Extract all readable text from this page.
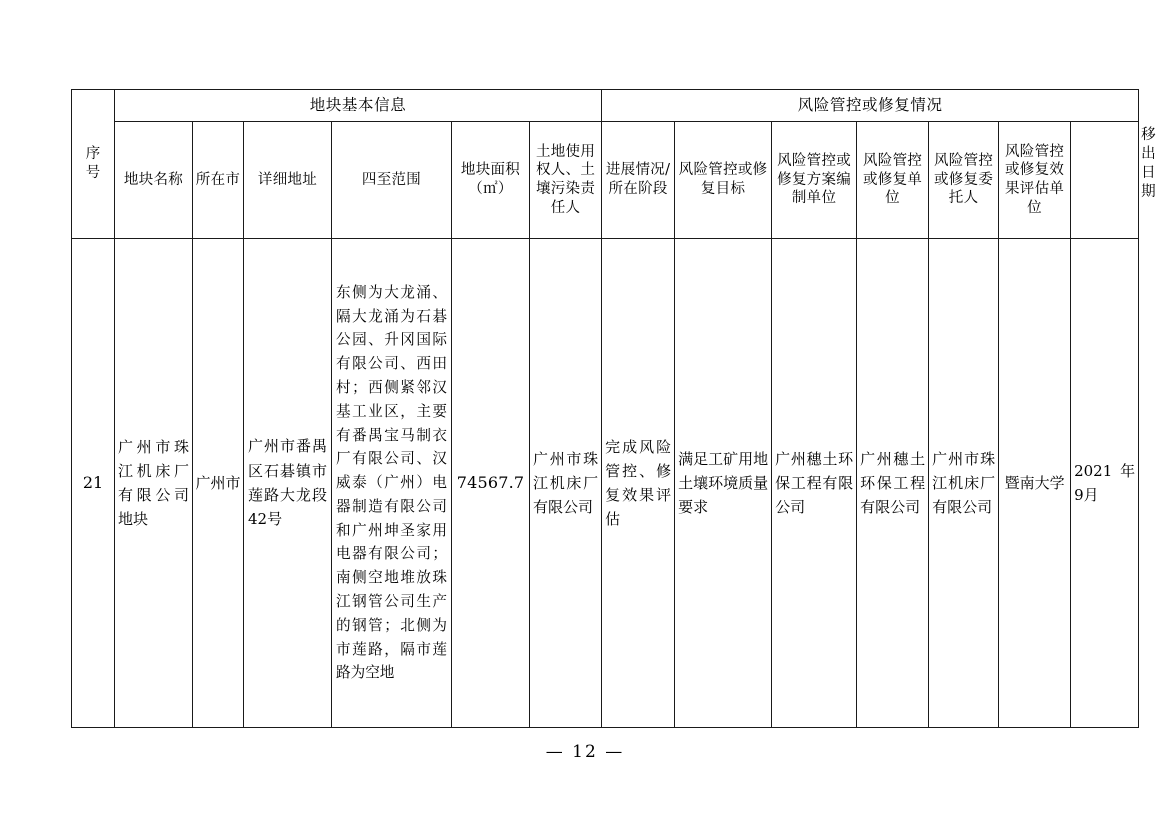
序号	地块基本信息						风险管控或修复情况							移出日期
	地块名称	所在市	详细地址	四至范围	地块面积（㎡）	土地使用权人、土壤污染责任人	进展情况/所在阶段	风险管控或修复目标	风险管控或修复方案编制单位	风险管控或修复单位	风险管控或修复委托人	风险管控或修复效果评估单位		
21	广州市珠江机床厂有限公司地块	广州市	广州市番禺区石碁镇市莲路大龙段42号	东侧为大龙涌、隔大龙涌为石碁公园、升冈国际有限公司、西田村；西侧紧邻汉基工业区，主要有番禺宝马制衣厂有限公司、汉威泰（广州）电器制造有限公司和广州坤圣家用电器有限公司；南侧空地堆放珠江钢管公司生产的钢管；北侧为市莲路，隔市莲路为空地	74567.7	广州市珠江机床厂有限公司	完成风险管控、修复效果评估	满足工矿用地土壤环境质量要求	广州穗土环保工程有限公司	广州穗土环保工程有限公司	广州市珠江机床厂有限公司	暨南大学	2021年9月	
— 12 —
